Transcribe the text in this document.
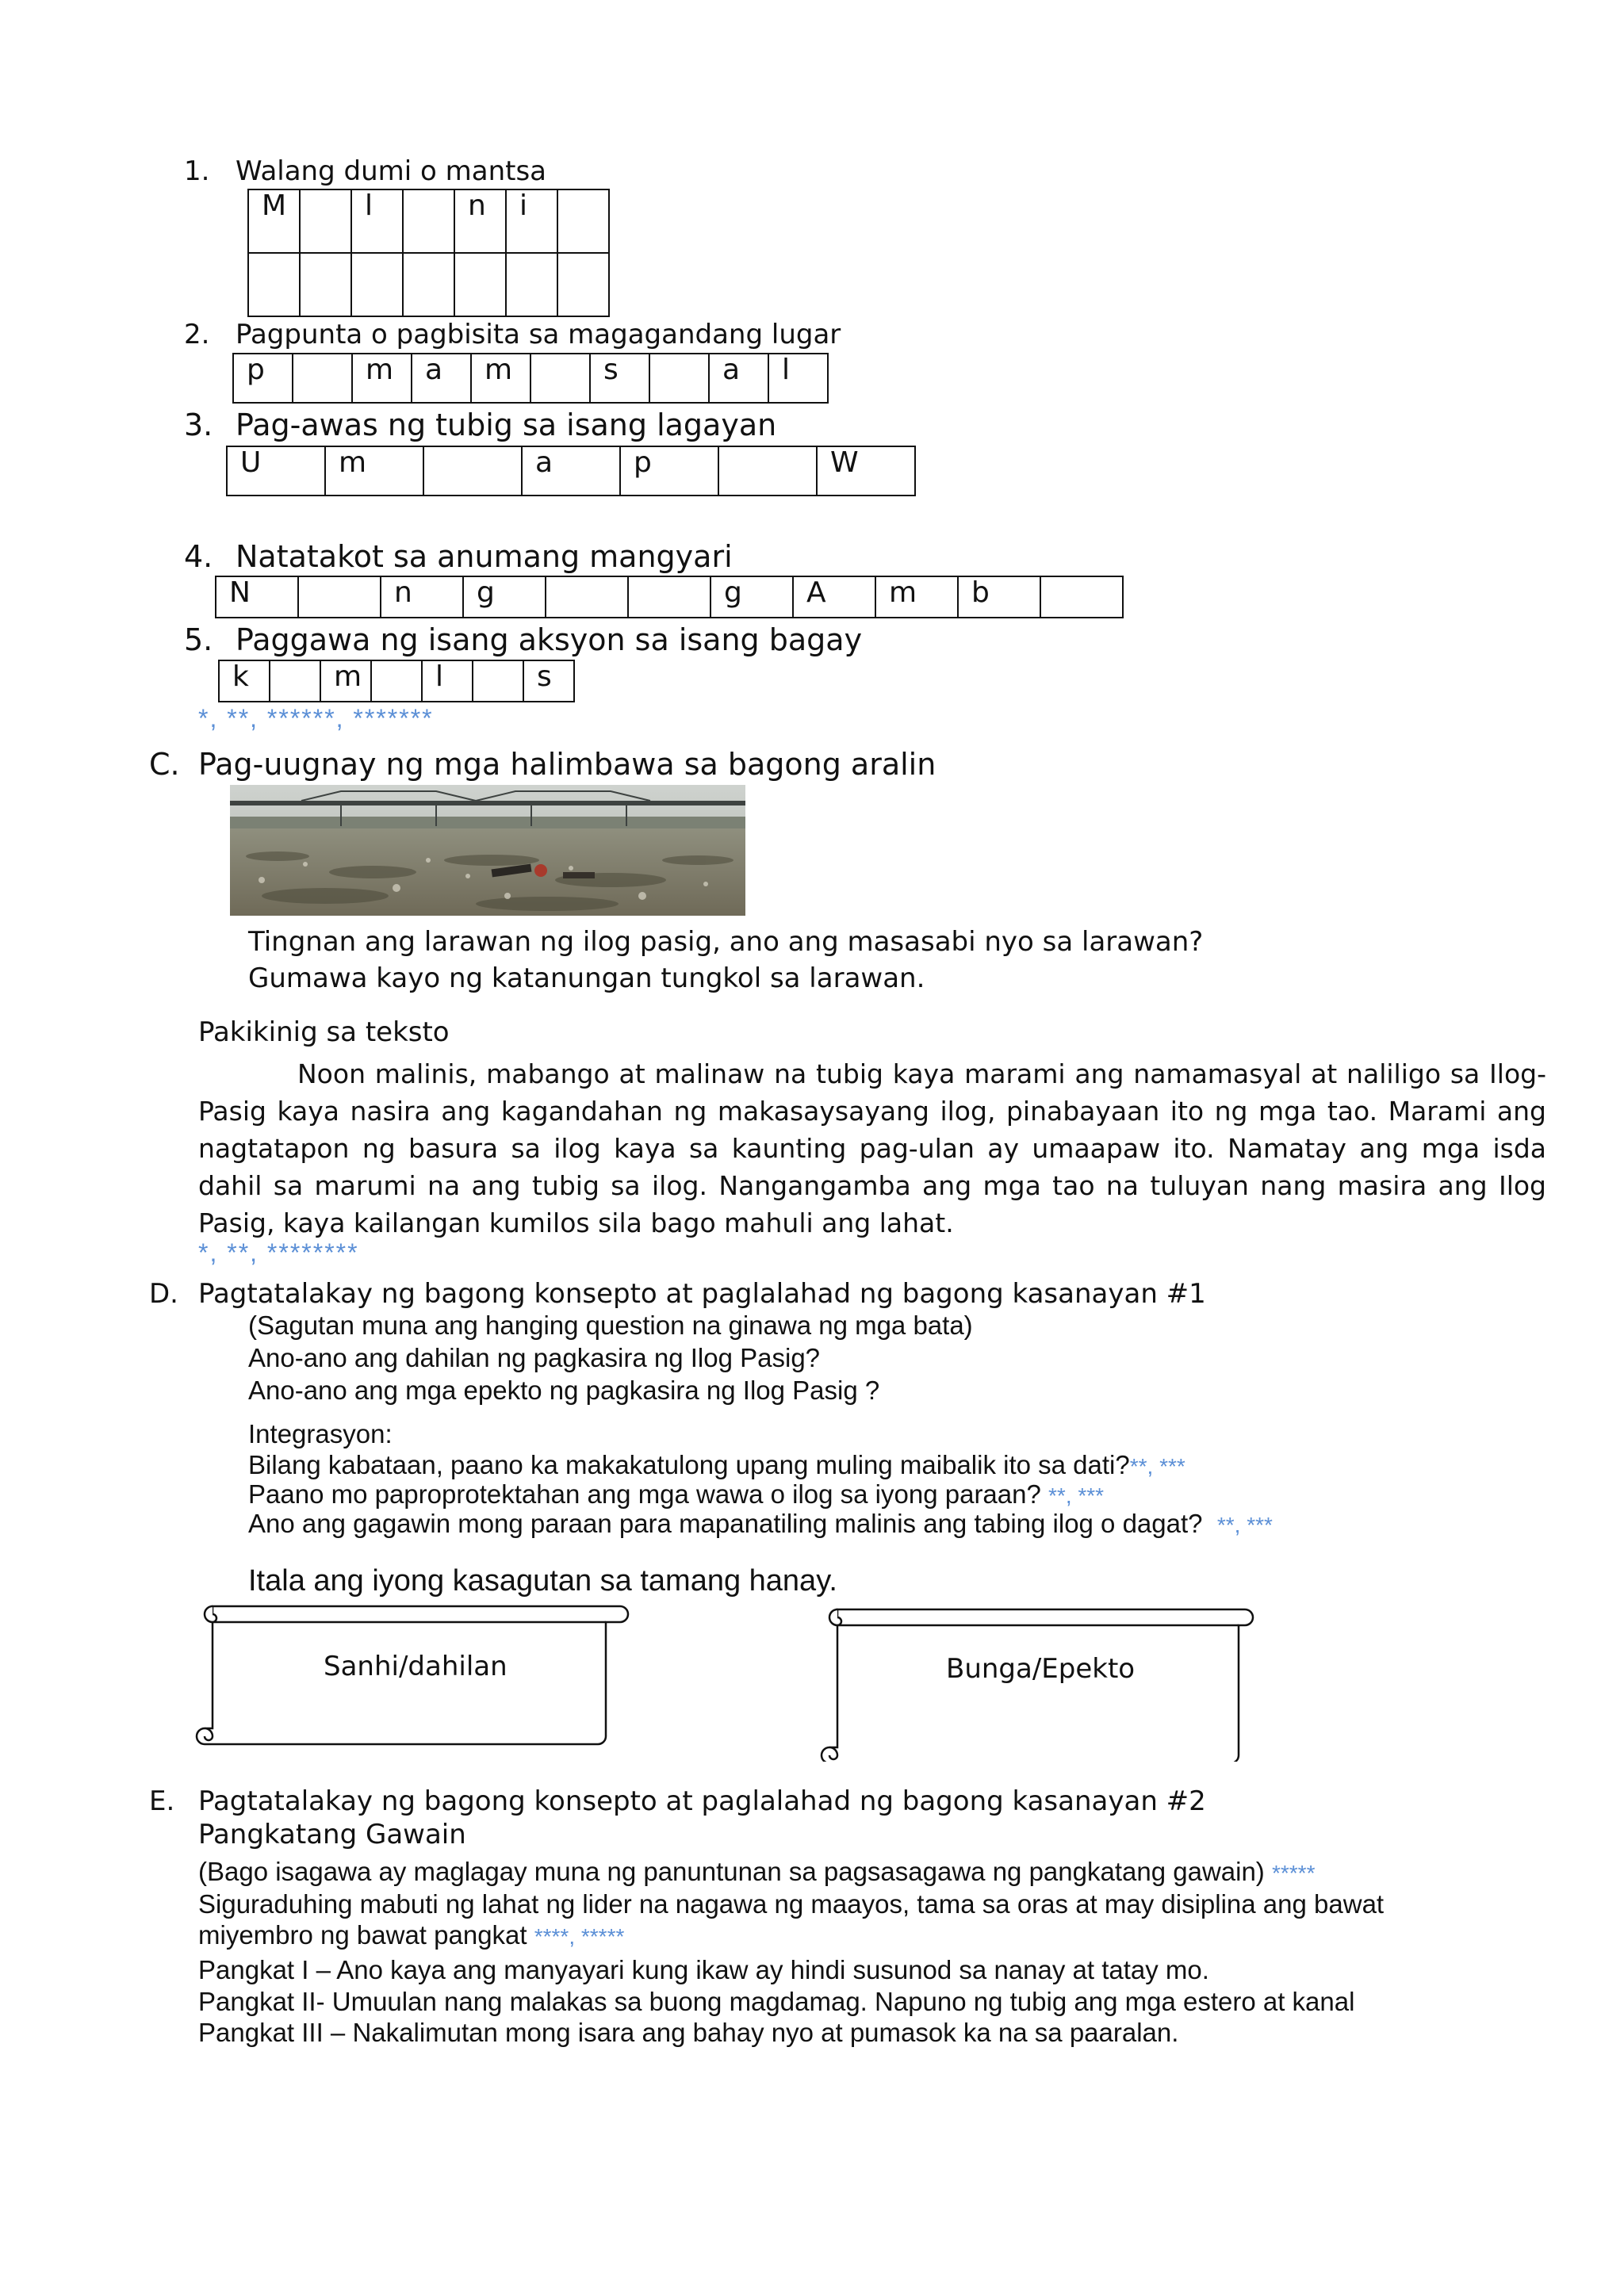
1. Walang dumi o mantsa
M		l		n	i	

2. Pagpunta o pagbisita sa magagandang lugar
p		m	a	m		s		a	l
3. Pag-awas ng tubig sa isang lagayan
U	m		a	p		W
4. Natatakot sa anumang mangyari
N		n	g			g	A	m	b	
5. Paggawa ng isang aksyon sa isang bagay
k		m		l		s
*, **, ******, *******
C. Pag-uugnay ng mga halimbawa sa bagong aralin
Tingnan ang larawan ng ilog pasig, ano ang masasabi nyo sa larawan?
Gumawa kayo ng katanungan tungkol sa larawan.
Pakikinig sa teksto
Noon malinis, mabango at malinaw na tubig kaya marami ang namamasyal at naliligo sa Ilog- Pasig kaya nasira ang kagandahan ng makasaysayang ilog, pinabayaan ito ng mga tao. Marami ang nagtatapon ng basura sa ilog kaya sa kaunting pag-ulan ay umaapaw ito. Namatay ang mga isda dahil sa marumi na ang tubig sa ilog. Nangangamba ang mga tao na tuluyan nang masira ang Ilog Pasig, kaya kailangan kumilos sila bago mahuli ang lahat.
*, **, ********
D. Pagtatalakay ng bagong konsepto at paglalahad ng bagong kasanayan #1
(Sagutan muna ang hanging question na ginawa ng mga bata)
Ano-ano ang dahilan ng pagkasira ng Ilog Pasig?
Ano-ano ang mga epekto ng pagkasira ng Ilog Pasig ?
Integrasyon:
Bilang kabataan, paano ka makakatulong upang muling maibalik ito sa dati?**, ***
Paano mo paproprotektahan ang mga wawa o ilog sa iyong paraan? **, ***
Ano ang gagawin mong paraan para mapanatiling malinis ang tabing ilog o dagat? **, ***
Itala ang iyong kasagutan sa tamang hanay.
Sanhi/dahilan	Bunga/Epekto
E. Pagtatalakay ng bagong konsepto at paglalahad ng bagong kasanayan #2
Pangkatang Gawain
(Bago isagawa ay maglagay muna ng panuntunan sa pagsasagawa ng pangkatang gawain) *****
Siguraduhing mabuti ng lahat ng lider na nagawa ng maayos, tama sa oras at may disiplina ang bawat
miyembro ng bawat pangkat ****, *****
Pangkat I – Ano kaya ang manyayari kung ikaw ay hindi susunod sa nanay at tatay mo.
Pangkat II- Umuulan nang malakas sa buong magdamag. Napuno ng tubig ang mga estero at kanal
Pangkat III – Nakalimutan mong isara ang bahay nyo at pumasok ka na sa paaralan.
